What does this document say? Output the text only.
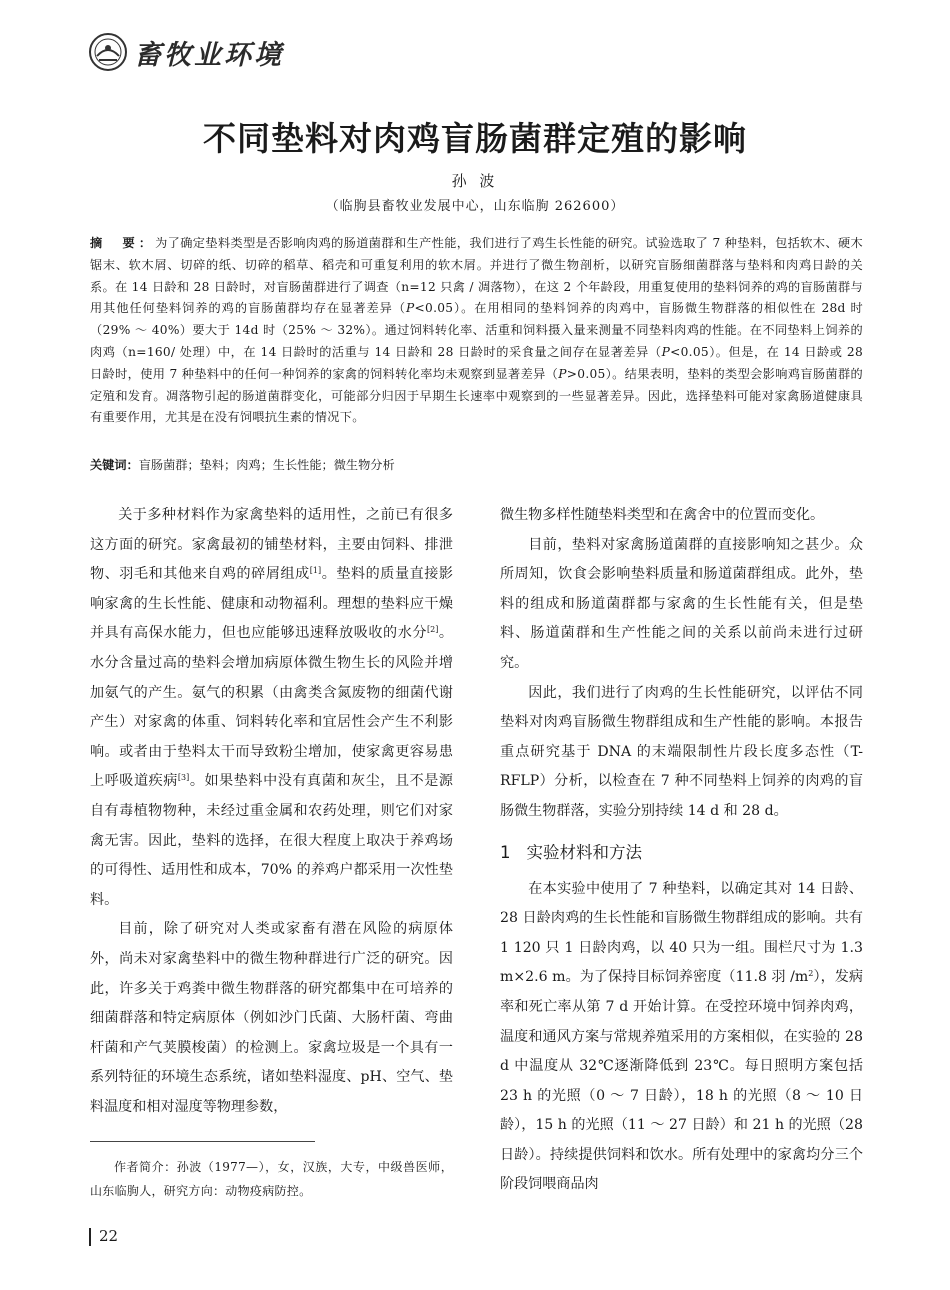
畜牧业环境
不同垫料对肉鸡盲肠菌群定殖的影响
孙 波
（临朐县畜牧业发展中心，山东临朐 262600）
摘　要：为了确定垫料类型是否影响肉鸡的肠道菌群和生产性能，我们进行了鸡生长性能的研究。试验选取了 7 种垫料，包括软木、硬木锯末、软木屑、切碎的纸、切碎的稻草、稻壳和可重复利用的软木屑。并进行了微生物剖析，以研究盲肠细菌群落与垫料和肉鸡日龄的关系。在 14 日龄和 28 日龄时，对盲肠菌群进行了调查（n=12 只禽 / 凋落物），在这 2 个年龄段，用重复使用的垫料饲养的鸡的盲肠菌群与用其他任何垫料饲养的鸡的盲肠菌群均存在显著差异（P<0.05）。在用相同的垫料饲养的肉鸡中，盲肠微生物群落的相似性在 28d 时（29% ～ 40%）要大于 14d 时（25% ～ 32%）。通过饲料转化率、活重和饲料摄入量来测量不同垫料肉鸡的性能。在不同垫料上饲养的肉鸡（n=160/ 处理）中，在 14 日龄时的活重与 14 日龄和 28 日龄时的采食量之间存在显著差异（P<0.05）。但是，在 14 日龄或 28 日龄时，使用 7 种垫料中的任何一种饲养的家禽的饲料转化率均未观察到显著差异（P>0.05）。结果表明，垫料的类型会影响鸡盲肠菌群的定殖和发育。凋落物引起的肠道菌群变化，可能部分归因于早期生长速率中观察到的一些显著差异。因此，选择垫料可能对家禽肠道健康具有重要作用，尤其是在没有饲喂抗生素的情况下。
关键词：盲肠菌群；垫料；肉鸡；生长性能；微生物分析

关于多种材料作为家禽垫料的适用性，之前已有很多这方面的研究。家禽最初的铺垫材料，主要由饲料、排泄物、羽毛和其他来自鸡的碎屑组成[1]。垫料的质量直接影响家禽的生长性能、健康和动物福利。理想的垫料应干燥并具有高保水能力，但也应能够迅速释放吸收的水分[2]。水分含量过高的垫料会增加病原体微生物生长的风险并增加氨气的产生。氨气的积累（由禽类含氮废物的细菌代谢产生）对家禽的体重、饲料转化率和宜居性会产生不利影响。或者由于垫料太干而导致粉尘增加，使家禽更容易患上呼吸道疾病[3]。如果垫料中没有真菌和灰尘，且不是源自有毒植物物种，未经过重金属和农药处理，则它们对家禽无害。因此，垫料的选择，在很大程度上取决于养鸡场的可得性、适用性和成本，70% 的养鸡户都采用一次性垫料。

目前，除了研究对人类或家畜有潜在风险的病原体外，尚未对家禽垫料中的微生物种群进行广泛的研究。因此，许多关于鸡粪中微生物群落的研究都集中在可培养的细菌群落和特定病原体（例如沙门氏菌、大肠杆菌、弯曲杆菌和产气荚膜梭菌）的检测上。家禽垃圾是一个具有一系列特征的环境生态系统，诸如垫料湿度、pH、空气、垫料温度和相对湿度等物理参数，

微生物多样性随垫料类型和在禽舍中的位置而变化。

目前，垫料对家禽肠道菌群的直接影响知之甚少。众所周知，饮食会影响垫料质量和肠道菌群组成。此外，垫料的组成和肠道菌群都与家禽的生长性能有关，但是垫料、肠道菌群和生产性能之间的关系以前尚未进行过研究。

因此，我们进行了肉鸡的生长性能研究，以评估不同垫料对肉鸡盲肠微生物群组成和生产性能的影响。本报告重点研究基于 DNA 的末端限制性片段长度多态性（T-RFLP）分析，以检查在 7 种不同垫料上饲养的肉鸡的盲肠微生物群落，实验分别持续 14 d 和 28 d。

1 实验材料和方法

在本实验中使用了 7 种垫料，以确定其对 14 日龄、28 日龄肉鸡的生长性能和盲肠微生物群组成的影响。共有 1 120 只 1 日龄肉鸡，以 40 只为一组。围栏尺寸为 1.3 m×2.6 m。为了保持目标饲养密度（11.8 羽 $/m^2$），发病率和死亡率从第 7 d 开始计算。在受控环境中饲养肉鸡，温度和通风方案与常规养殖采用的方案相似，在实验的 28 d 中温度从 32℃逐渐降低到 23℃。每日照明方案包括 23 h 的光照（0 ～ 7 日龄），18 h 的光照（8 ～ 10 日龄），15 h 的光照（11 ～ 27 日龄）和 21 h 的光照（28 日龄）。持续提供饲料和饮水。所有处理中的家禽均分三个阶段饲喂商品肉

作者简介：孙波（1977—），女，汉族，大专，中级兽医师，山东临朐人，研究方向：动物疫病防控。
22
